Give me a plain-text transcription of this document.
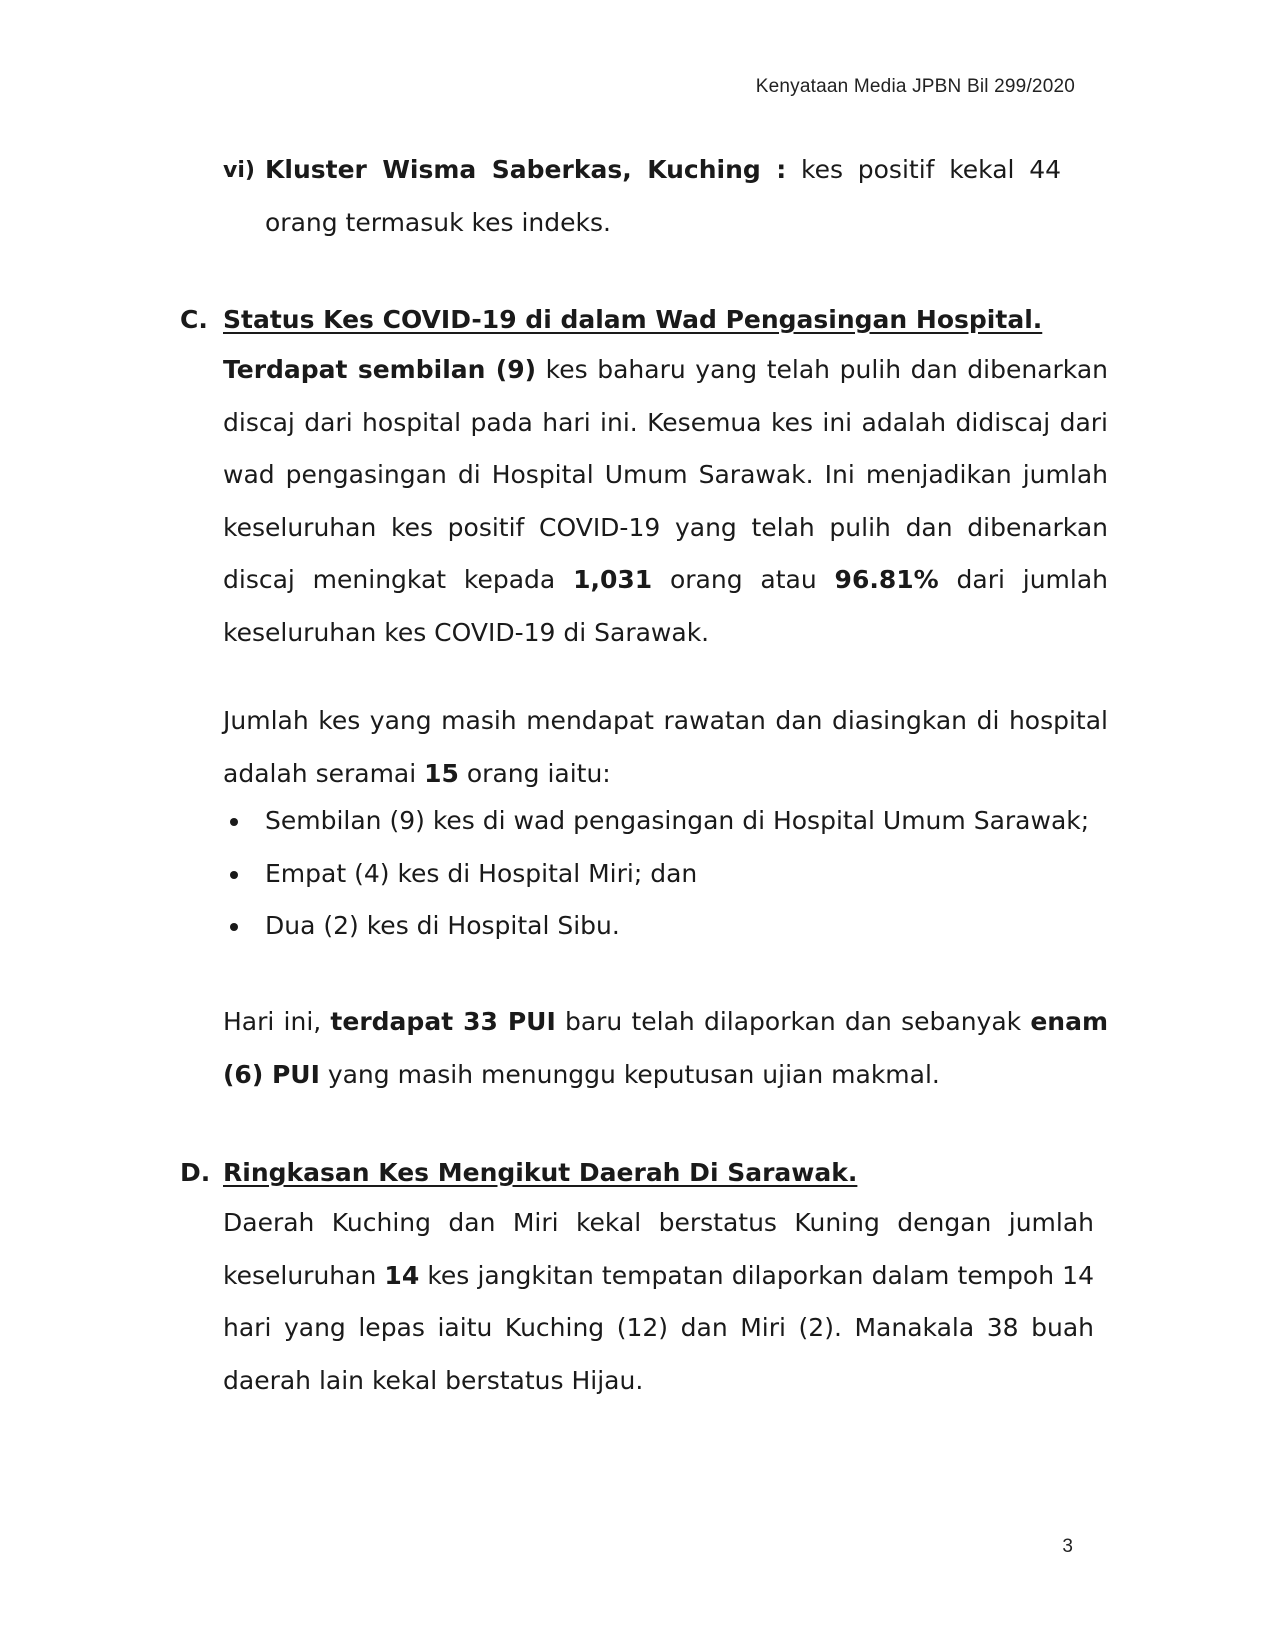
Kenyataan Media JPBN Bil 299/2020
vi) Kluster Wisma Saberkas, Kuching : kes positif kekal 44 orang termasuk kes indeks.
C. Status Kes COVID-19 di dalam Wad Pengasingan Hospital.
Terdapat sembilan (9) kes baharu yang telah pulih dan dibenarkan discaj dari hospital pada hari ini. Kesemua kes ini adalah didiscaj dari wad pengasingan di Hospital Umum Sarawak. Ini menjadikan jumlah keseluruhan kes positif COVID-19 yang telah pulih dan dibenarkan discaj meningkat kepada 1,031 orang atau 96.81% dari jumlah keseluruhan kes COVID-19 di Sarawak.
Jumlah kes yang masih mendapat rawatan dan diasingkan di hospital adalah seramai 15 orang iaitu:
Sembilan (9) kes di wad pengasingan di Hospital Umum Sarawak;
Empat (4) kes di Hospital Miri; dan
Dua (2) kes di Hospital Sibu.
Hari ini, terdapat 33 PUI baru telah dilaporkan dan sebanyak enam (6) PUI yang masih menunggu keputusan ujian makmal.
D. Ringkasan Kes Mengikut Daerah Di Sarawak.
Daerah Kuching dan Miri kekal berstatus Kuning dengan jumlah keseluruhan 14 kes jangkitan tempatan dilaporkan dalam tempoh 14 hari yang lepas iaitu Kuching (12) dan Miri (2). Manakala 38 buah daerah lain kekal berstatus Hijau.
3
